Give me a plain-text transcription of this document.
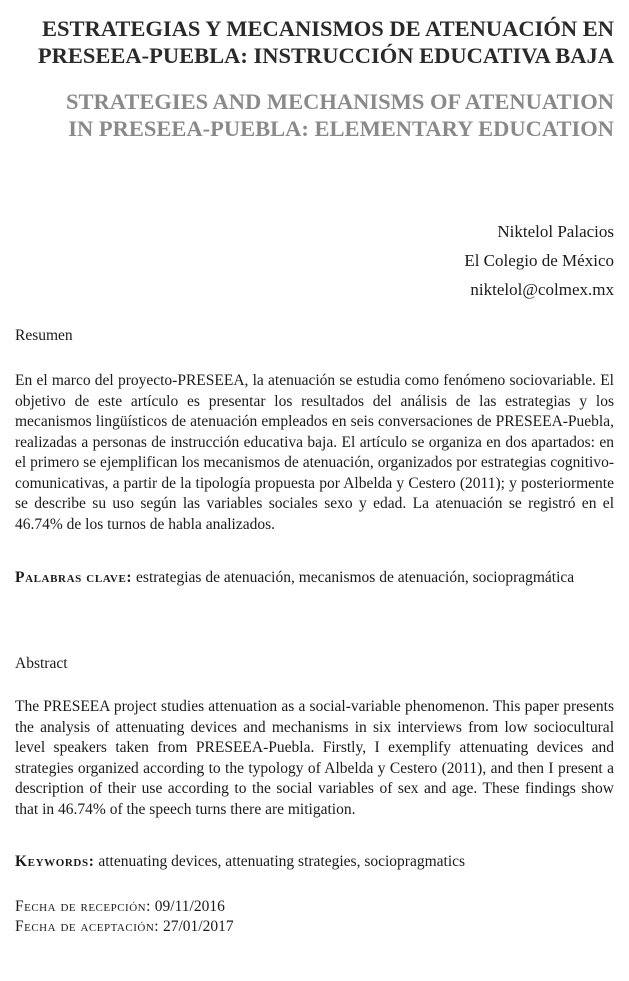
ESTRATEGIAS Y MECANISMOS DE ATENUACIÓN EN
PRESEEA-PUEBLA: INSTRUCCIÓN EDUCATIVA BAJA
STRATEGIES AND MECHANISMS OF ATENUATION
IN PRESEEA-PUEBLA: ELEMENTARY EDUCATION
Niktelol Palacios
El Colegio de México
niktelol@colmex.mx

Resumen

En el marco del proyecto-PRESEEA, la atenuación se estudia como fenómeno sociovariable. El objetivo de este artículo es presentar los resultados del análisis de las estrategias y los mecanismos lingüísticos de atenuación empleados en seis conversaciones de PRESEEA-Puebla, realizadas a personas de instrucción educativa baja. El artículo se organiza en dos apartados: en el primero se ejemplifican los mecanismos de atenuación, organizados por estrategias cognitivo-comunicativas, a partir de la tipología propuesta por Albelda y Cestero (2011); y posteriormente se describe su uso según las variables sociales sexo y edad. La atenuación se registró en el 46.74% de los turnos de habla analizados.

Palabras clave: estrategias de atenuación, mecanismos de atenuación, sociopragmática

Abstract

The PRESEEA project studies attenuation as a social-variable phenomenon. This paper presents the analysis of attenuating devices and mechanisms in six interviews from low sociocultural level speakers taken from PRESEEA-Puebla. Firstly, I exemplify attenuating devices and strategies organized according to the typology of Albelda y Cestero (2011), and then I present a description of their use according to the social variables of sex and age. These findings show that in 46.74% of the speech turns there are mitigation.

Keywords: attenuating devices, attenuating strategies, sociopragmatics

Fecha de recepción: 09/11/2016
Fecha de aceptación: 27/01/2017
